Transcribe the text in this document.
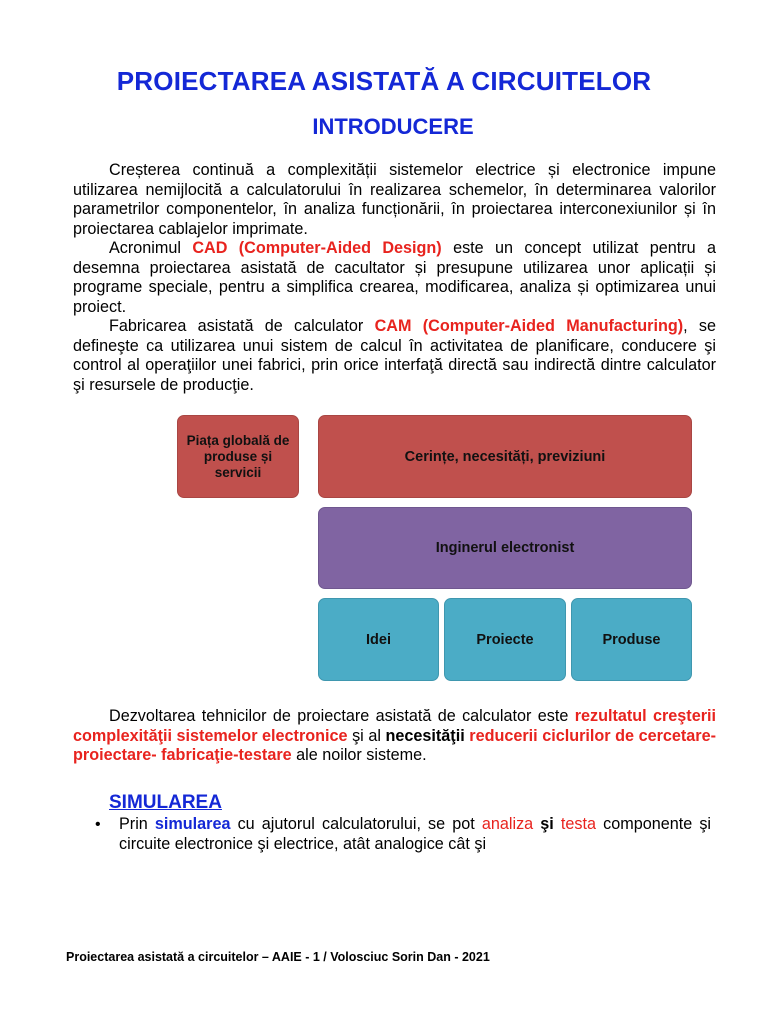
PROIECTAREA ASISTATĂ A CIRCUITELOR
INTRODUCERE
Creșterea continuă a complexității sistemelor electrice și electronice impune utilizarea nemijlocită a calculatorului în realizarea schemelor, în determinarea valorilor parametrilor componentelor, în analiza funcționării, în proiectarea interconexiunilor și în proiectarea cablajelor imprimate.
Acronimul CAD (Computer-Aided Design) este un concept utilizat pentru a desemna proiectarea asistată de cacultator și presupune utilizarea unor aplicații și programe speciale, pentru a simplifica crearea, modificarea, analiza și optimizarea unui proiect.
Fabricarea asistată de calculator CAM (Computer-Aided Manufacturing), se defineşte ca utilizarea unui sistem de calcul în activitatea de planificare, conducere şi control al operaţiilor unei fabrici, prin orice interfaţă directă sau indirectă dintre calculator şi resursele de producţie.
Piața globală de produse și servicii
Cerințe, necesități, previziuni
Inginerul electronist
Idei	Proiecte	Produse
Dezvoltarea tehnicilor de proiectare asistată de calculator este rezultatul creşterii complexităţii sistemelor electronice şi al necesităţii reducerii ciclurilor de cercetare-proiectare- fabricaţie-testare ale noilor sisteme.
SIMULAREA
• Prin simularea cu ajutorul calculatorului, se pot analiza şi testa componente şi circuite electronice şi electrice, atât analogice cât şi
Proiectarea asistată a circuitelor – AAIE - 1 / Volosciuc Sorin Dan - 2021
